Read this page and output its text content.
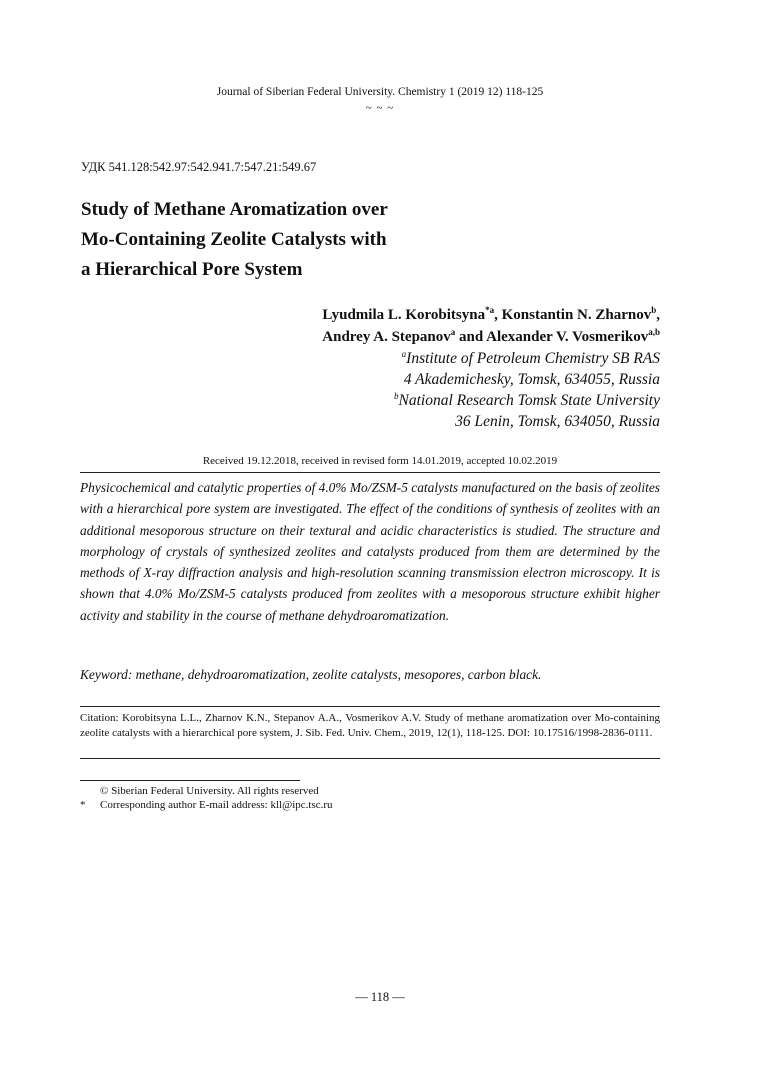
Journal of Siberian Federal University. Chemistry 1 (2019 12) 118-125
~ ~ ~
УДК 541.128:542.97:542.941.7:547.21:549.67
Study of Methane Aromatization over
Mo-Containing Zeolite Catalysts with
a Hierarchical Pore System
Lyudmila L. Korobitsyna$^{*a}$, Konstantin N. Zharnov$^b$,
Andrey A. Stepanov$^a$ and Alexander V. Vosmerikov$^{a,b}$
$^a$Institute of Petroleum Chemistry SB RAS
4 Akademichesky, Tomsk, 634055, Russia
$^b$National Research Tomsk State University
36 Lenin, Tomsk, 634050, Russia
Received 19.12.2018, received in revised form 14.01.2019, accepted 10.02.2019
Physicochemical and catalytic properties of 4.0% Mo/ZSM-5 catalysts manufactured on the basis of zeolites with a hierarchical pore system are investigated. The effect of the conditions of synthesis of zeolites with an additional mesoporous structure on their textural and acidic characteristics is studied. The structure and morphology of crystals of synthesized zeolites and catalysts produced from them are determined by the methods of X-ray diffraction analysis and high-resolution scanning transmission electron microscopy. It is shown that 4.0% Mo/ZSM-5 catalysts produced from zeolites with a mesoporous structure exhibit higher activity and stability in the course of methane dehydroaromatization.
Keyword: methane, dehydroaromatization, zeolite catalysts, mesopores, carbon black.
Citation: Korobitsyna L.L., Zharnov K.N., Stepanov A.A., Vosmerikov A.V. Study of methane aromatization over Mo-containing zeolite catalysts with a hierarchical pore system, J. Sib. Fed. Univ. Chem., 2019, 12(1), 118-125. DOI: 10.17516/1998-2836-0111.
© Siberian Federal University. All rights reserved
* Corresponding author E-mail address: kll@ipc.tsc.ru
— 118 —
